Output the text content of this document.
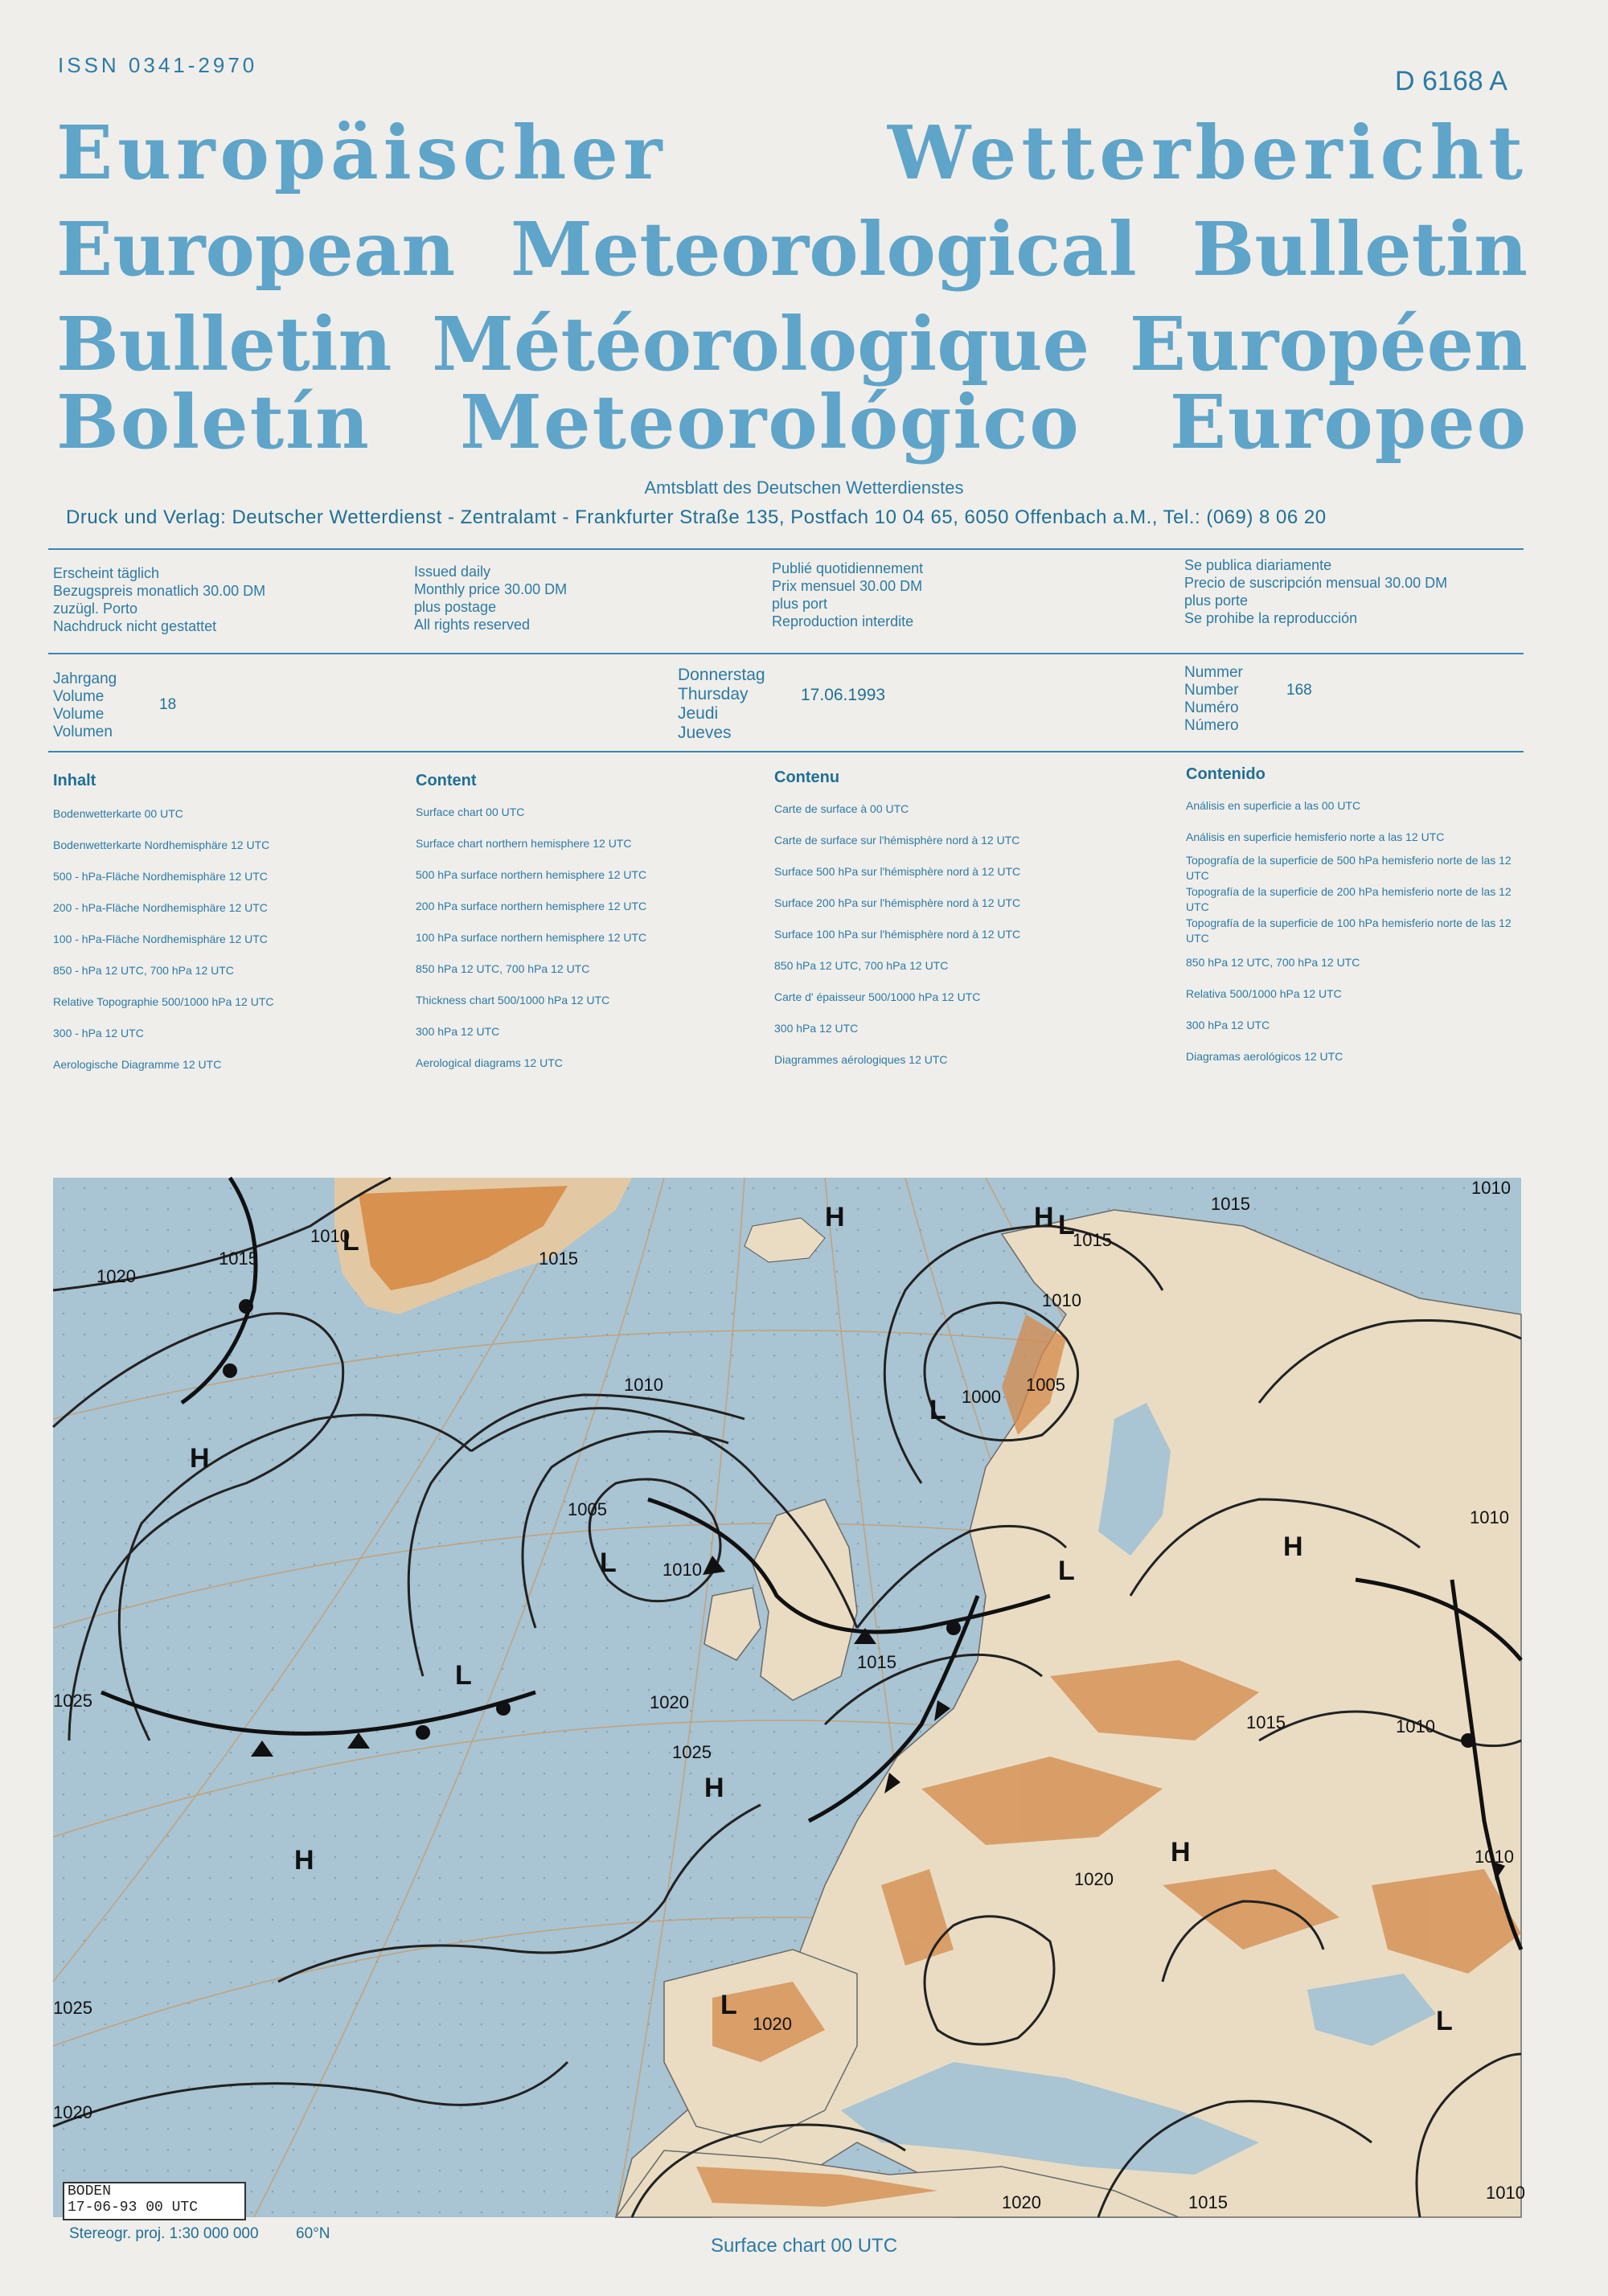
ISSN 0341-2970
D 6168 A
Europäischer Wetterbericht
European Meteorological Bulletin
Bulletin Météorologique Européen
Boletín Meteorológico Europeo
Amtsblatt des Deutschen Wetterdienstes
Druck und Verlag: Deutscher Wetterdienst - Zentralamt - Frankfurter Straße 135, Postfach 10 04 65, 6050 Offenbach a.M., Tel.: (069) 8 06 20
Erscheint täglich
Bezugspreis monatlich 30.00 DM
zuzügl. Porto
Nachdruck nicht gestattet
Issued daily
Monthly price 30.00 DM
plus postage
All rights reserved
Publié quotidiennement
Prix mensuel 30.00 DM
plus port
Reproduction interdite
Se publica diariamente
Precio de suscripción mensual 30.00 DM
plus porte
Se prohibe la reproducción
Jahrgang
Volume
Volume
Volumen
18
Donnerstag
Thursday
Jeudi
Jueves
17.06.1993
Nummer
Number
Numéro
Número
168
Inhalt
Bodenwetterkarte 00 UTC
Bodenwetterkarte Nordhemisphäre 12 UTC
500 - hPa-Fläche Nordhemisphäre 12 UTC
200 - hPa-Fläche Nordhemisphäre 12 UTC
100 - hPa-Fläche Nordhemisphäre 12 UTC
850 - hPa 12 UTC, 700 hPa 12 UTC
Relative Topographie 500/1000 hPa 12 UTC
300 - hPa 12 UTC
Aerologische Diagramme 12 UTC
Content
Surface chart 00 UTC
Surface chart northern hemisphere 12 UTC
500 hPa surface northern hemisphere 12 UTC
200 hPa surface northern hemisphere 12 UTC
100 hPa surface northern hemisphere 12 UTC
850 hPa 12 UTC, 700 hPa 12 UTC
Thickness chart 500/1000 hPa 12 UTC
300 hPa 12 UTC
Aerological diagrams 12 UTC
Contenu
Carte de surface à 00 UTC
Carte de surface sur l'hémisphère nord à 12 UTC
Surface 500 hPa sur l'hémisphère nord à 12 UTC
Surface 200 hPa sur l'hémisphère nord à 12 UTC
Surface 100 hPa sur l'hémisphère nord à 12 UTC
850 hPa 12 UTC, 700 hPa 12 UTC
Carte d' épaisseur 500/1000 hPa 12 UTC
300 hPa 12 UTC
Diagrammes aérologiques 12 UTC
Contenido
Análisis en superficie a las 00 UTC
Análisis en superficie hemisferio norte a las 12 UTC
Topografía de la superficie de 500 hPa hemisferio norte de las 12 UTC
Topografía de la superficie de 200 hPa hemisferio norte de las 12 UTC
Topografía de la superficie de 100 hPa hemisferio norte de las 12 UTC
850 hPa 12 UTC, 700 hPa 12 UTC
Relativa 500/1000 hPa 12 UTC
300 hPa 12 UTC
Diagramas aerológicos 12 UTC
L
L
L
H
H	L
H
H
H
L
L
L
H
H
L
1015
1010
1020
1010
1015
1005
1010
1000
1005
1010
1015
1025
1020
1025
1020
1025
1020
1015
1010
1010
1020
1020
1015	1010
1010
1010
1015
1015
BODEN
17-06-93 00 UTC
Stereogr. proj. 1:30 000 000 60°N
Surface chart 00 UTC
